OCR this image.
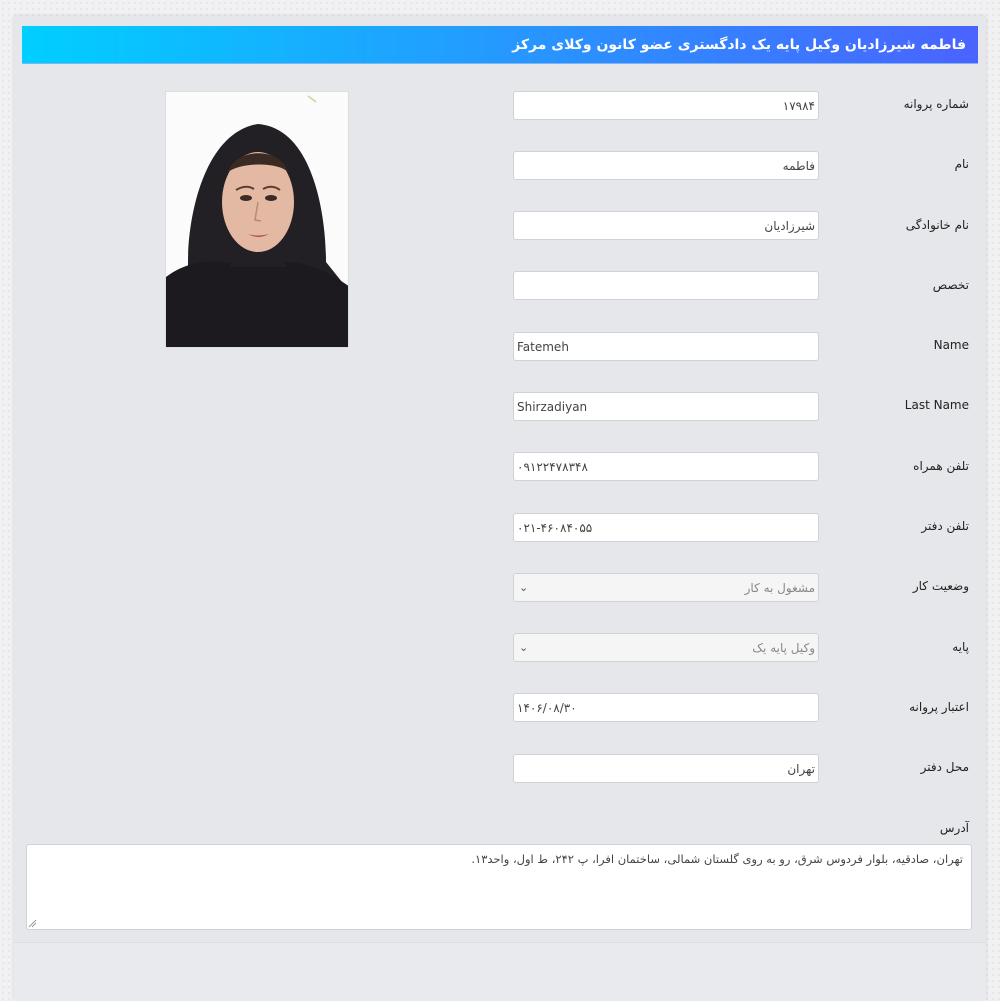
فاطمه شیرزادیان وکیل پایه یک دادگستری عضو کانون وکلای مرکز
شماره پروانه
۱۷۹۸۴
نام
فاطمه
نام خانوادگی
شیرزادیان
تخصص
Name
Fatemeh
Last Name
Shirzadiyan
تلفن همراه
۰۹۱۲۲۴۷۸۳۴۸
تلفن دفتر
۰۲۱-۴۶۰۸۴۰۵۵
وضعیت کار
مشغول به کار
⌄
پایه
وکیل پایه یک
⌄
اعتبار پروانه
۱۴۰۶/۰۸/۳۰
محل دفتر
تهران
آدرس
تهران، صادقیه، بلوار فردوس شرق، رو به روی گلستان شمالی، ساختمان افرا، پ ۲۴۲، ط اول، واحد۱۳.
